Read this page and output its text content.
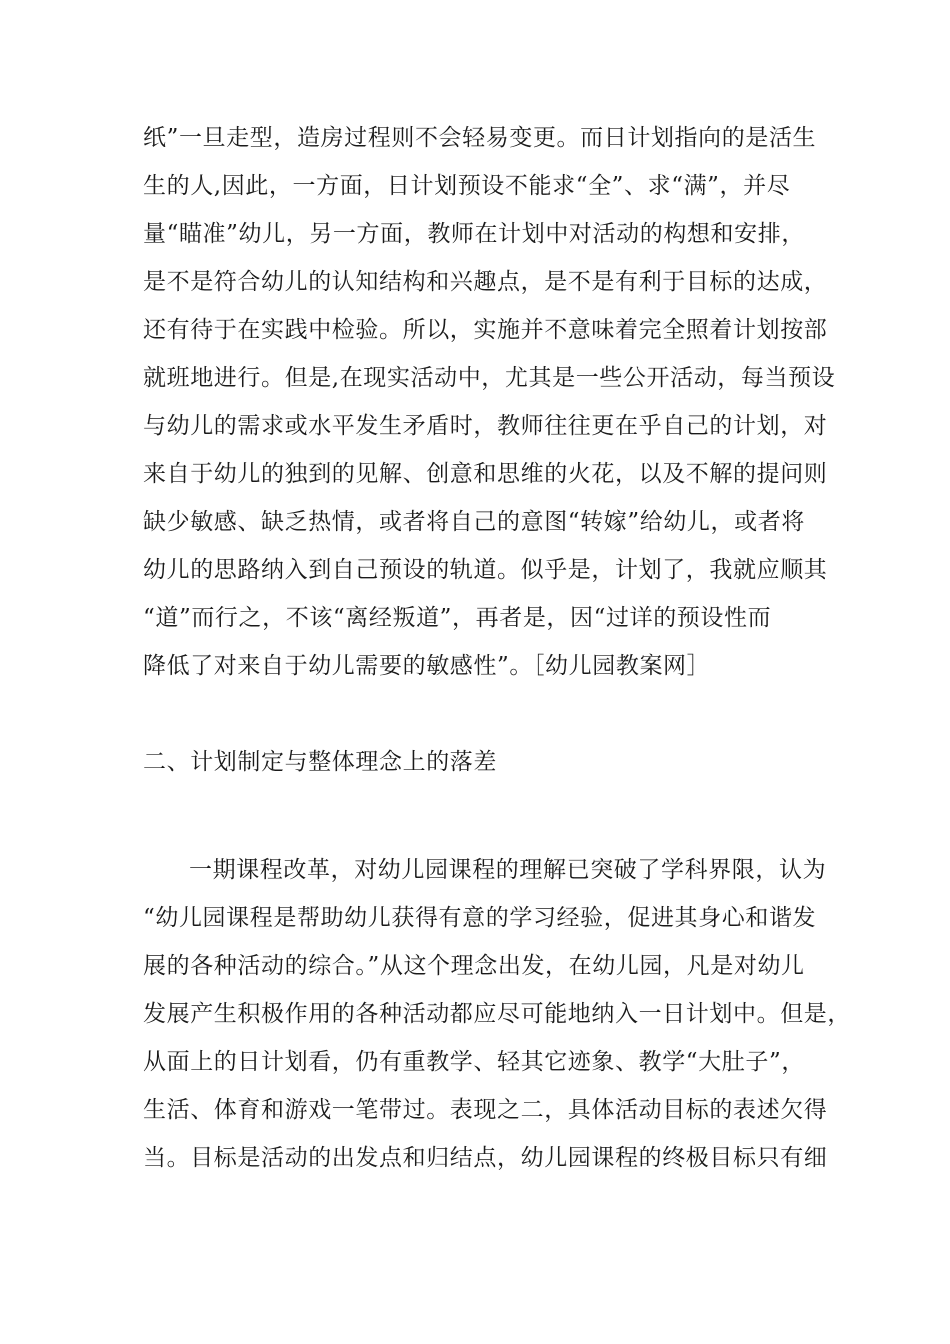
纸”一旦走型，造房过程则不会轻易变更。而日计划指向的是活生
生的人,因此，一方面，日计划预设不能求“全”、求“满”，并尽
量“瞄准”幼儿，另一方面，教师在计划中对活动的构想和安排，
是不是符合幼儿的认知结构和兴趣点，是不是有利于目标的达成，
还有待于在实践中检验。所以，实施并不意味着完全照着计划按部
就班地进行。但是,在现实活动中，尤其是一些公开活动，每当预设
与幼儿的需求或水平发生矛盾时，教师往往更在乎自己的计划，对
来自于幼儿的独到的见解、创意和思维的火花，以及不解的提问则
缺少敏感、缺乏热情，或者将自己的意图“转嫁”给幼儿，或者将
幼儿的思路纳入到自己预设的轨道。似乎是，计划了，我就应顺其
“道”而行之，不该“离经叛道”，再者是，因“过详的预设性而
降低了对来自于幼儿需要的敏感性”。［幼儿园教案网］
二、计划制定与整体理念上的落差
一期课程改革，对幼儿园课程的理解已突破了学科界限，认为
“幼儿园课程是帮助幼儿获得有意的学习经验，促进其身心和谐发
展的各种活动的综合。”从这个理念出发，在幼儿园，凡是对幼儿
发展产生积极作用的各种活动都应尽可能地纳入一日计划中。但是，
从面上的日计划看，仍有重教学、轻其它迹象、教学“大肚子”，
生活、体育和游戏一笔带过。表现之二，具体活动目标的表述欠得
当。目标是活动的出发点和归结点，幼儿园课程的终极目标只有细
